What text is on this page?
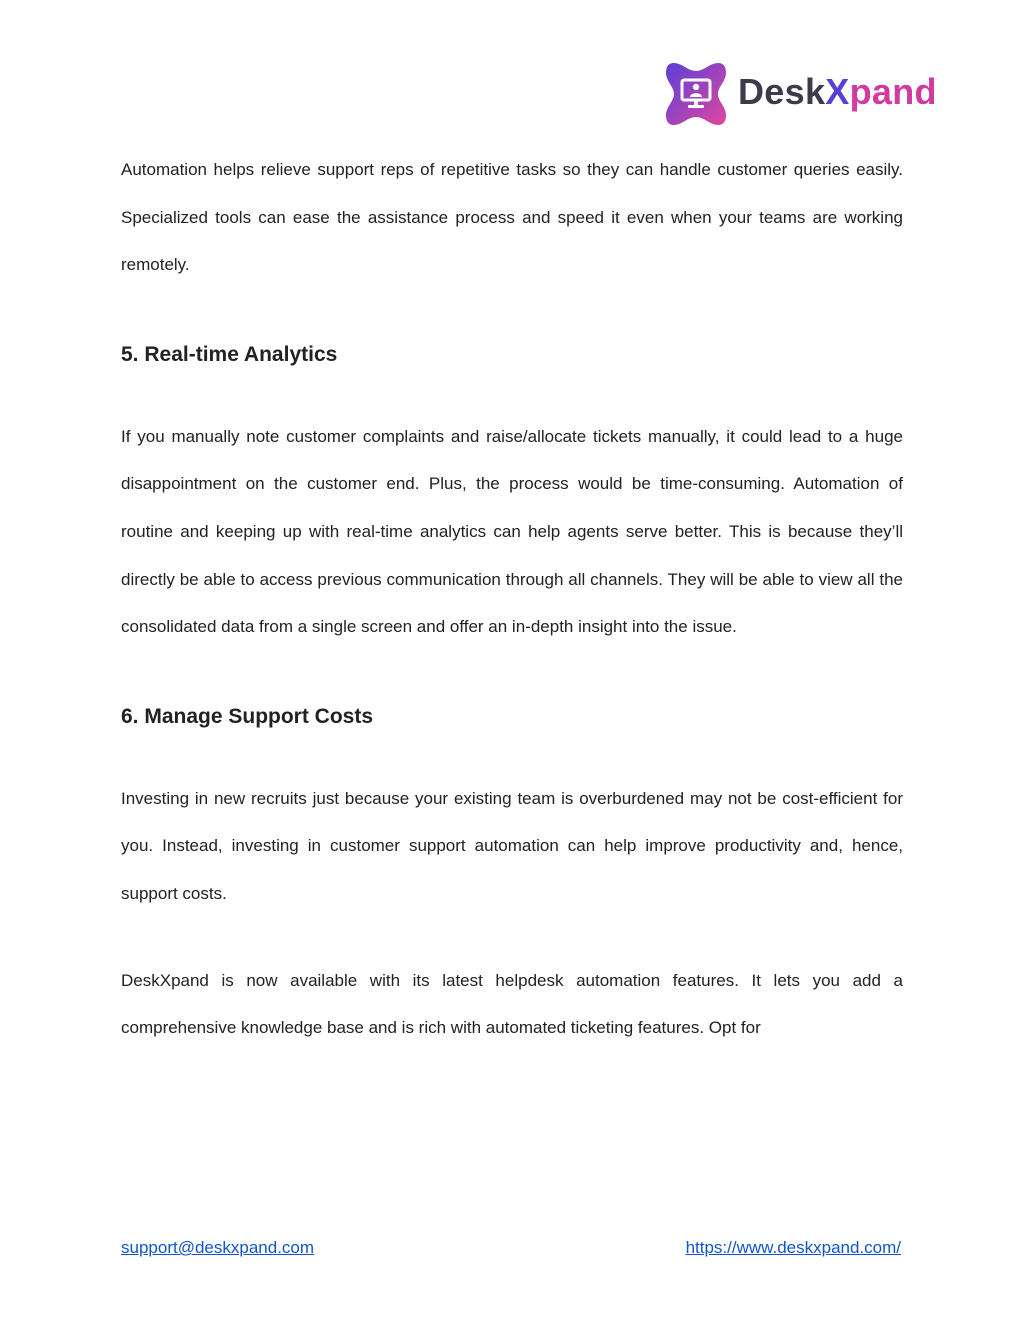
DeskXpand

Automation helps relieve support reps of repetitive tasks so they can handle customer queries easily. Specialized tools can ease the assistance process and speed it even when your teams are working remotely.

5. Real-time Analytics

If you manually note customer complaints and raise/allocate tickets manually, it could lead to a huge disappointment on the customer end. Plus, the process would be time-consuming. Automation of routine and keeping up with real-time analytics can help agents serve better. This is because they’ll directly be able to access previous communication through all channels. They will be able to view all the consolidated data from a single screen and offer an in-depth insight into the issue.

6. Manage Support Costs

Investing in new recruits just because your existing team is overburdened may not be cost-efficient for you. Instead, investing in customer support automation can help improve productivity and, hence, support costs.

DeskXpand is now available with its latest helpdesk automation features. It lets you add a comprehensive knowledge base and is rich with automated ticketing features. Opt for

support@deskxpand.com	https://www.deskxpand.com/
